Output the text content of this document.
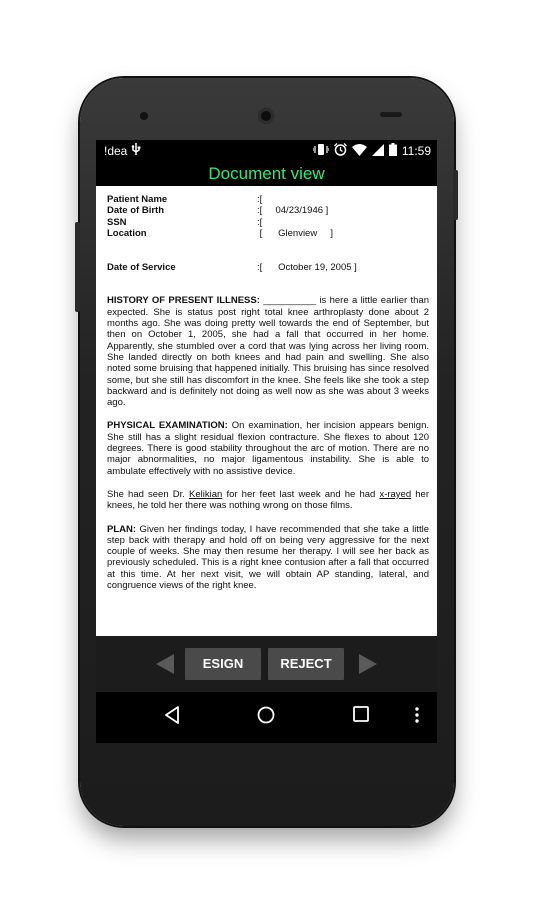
!dea	11:59
Document view
Patient Name	:[
Date of Birth	:[     04/23/1946 ]
SSN	:[
Location	[      Glenview     ]
Date of Service	:[      October 19, 2005 ]
HISTORY OF PRESENT ILLNESS: __________ is here a little earlier than expected. She is status post right total knee arthroplasty done about 2 months ago. She was doing pretty well towards the end of September, but then on October 1, 2005, she had a fall that occurred in her home. Apparently, she stumbled over a cord that was lying across her living room. She landed directly on both knees and had pain and swelling. She also noted some bruising that happened initially. This bruising has since resolved some, but she still has discomfort in the knee. She feels like she took a step backward and is definitely not doing as well now as she was about 3 weeks ago.
PHYSICAL EXAMINATION: On examination, her incision appears benign. She still has a slight residual flexion contracture. She flexes to about 120 degrees. There is good stability throughout the arc of motion. There are no major abnormalities, no major ligamentous instability. She is able to ambulate effectively with no assistive device.
She had seen Dr. Kelikian for her feet last week and he had x-rayed her knees, he told her there was nothing wrong on those films.
PLAN: Given her findings today, I have recommended that she take a little step back with therapy and hold off on being very aggressive for the next couple of weeks. She may then resume her therapy. I will see her back as previously scheduled. This is a right knee contusion after a fall that occurred at this time. At her next visit, we will obtain AP standing, lateral, and congruence views of the right knee.
ESIGN	REJECT
